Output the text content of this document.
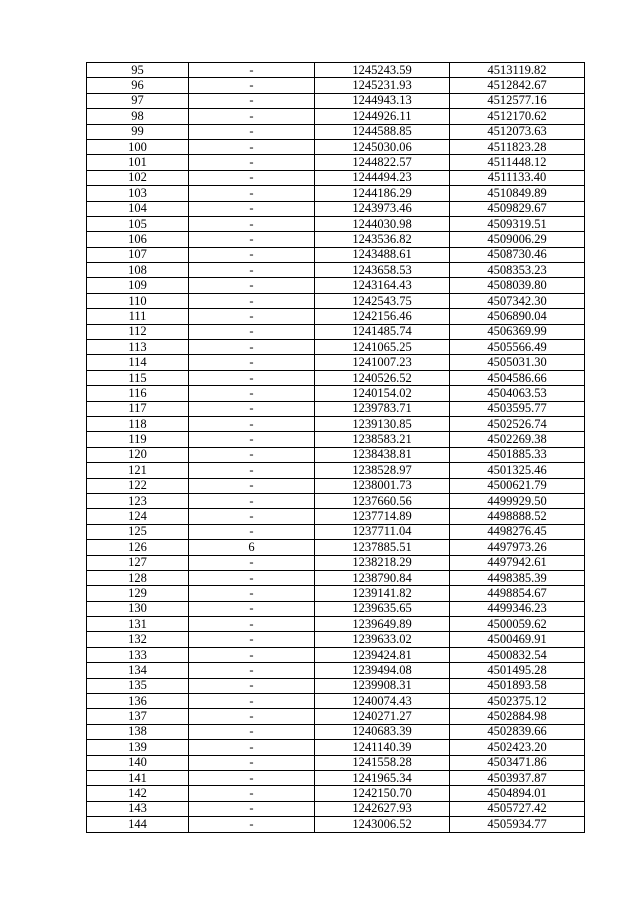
95	-	1245243.59	4513119.82
96	-	1245231.93	4512842.67
97	-	1244943.13	4512577.16
98	-	1244926.11	4512170.62
99	-	1244588.85	4512073.63
100	-	1245030.06	4511823.28
101	-	1244822.57	4511448.12
102	-	1244494.23	4511133.40
103	-	1244186.29	4510849.89
104	-	1243973.46	4509829.67
105	-	1244030.98	4509319.51
106	-	1243536.82	4509006.29
107	-	1243488.61	4508730.46
108	-	1243658.53	4508353.23
109	-	1243164.43	4508039.80
110	-	1242543.75	4507342.30
111	-	1242156.46	4506890.04
112	-	1241485.74	4506369.99
113	-	1241065.25	4505566.49
114	-	1241007.23	4505031.30
115	-	1240526.52	4504586.66
116	-	1240154.02	4504063.53
117	-	1239783.71	4503595.77
118	-	1239130.85	4502526.74
119	-	1238583.21	4502269.38
120	-	1238438.81	4501885.33
121	-	1238528.97	4501325.46
122	-	1238001.73	4500621.79
123	-	1237660.56	4499929.50
124	-	1237714.89	4498888.52
125	-	1237711.04	4498276.45
126	6	1237885.51	4497973.26
127	-	1238218.29	4497942.61
128	-	1238790.84	4498385.39
129	-	1239141.82	4498854.67
130	-	1239635.65	4499346.23
131	-	1239649.89	4500059.62
132	-	1239633.02	4500469.91
133	-	1239424.81	4500832.54
134	-	1239494.08	4501495.28
135	-	1239908.31	4501893.58
136	-	1240074.43	4502375.12
137	-	1240271.27	4502884.98
138	-	1240683.39	4502839.66
139	-	1241140.39	4502423.20
140	-	1241558.28	4503471.86
141	-	1241965.34	4503937.87
142	-	1242150.70	4504894.01
143	-	1242627.93	4505727.42
144	-	1243006.52	4505934.77
